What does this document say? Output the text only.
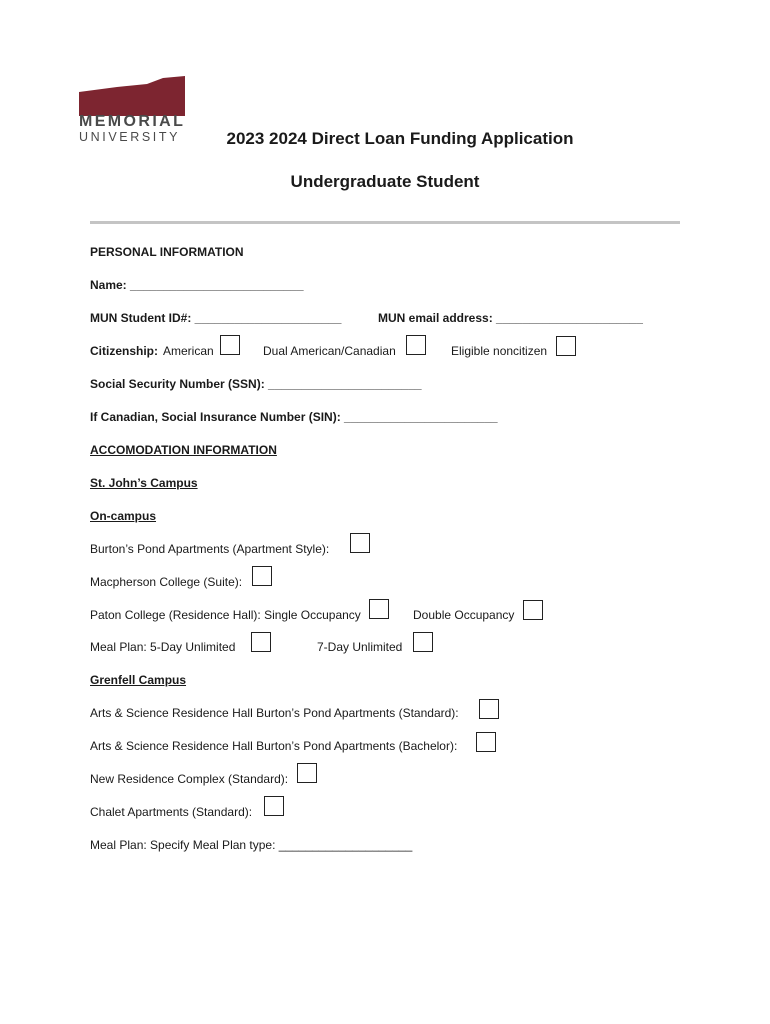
MEMORIAL
UNIVERSITY	2023 2024 Direct Loan Funding Application
Undergraduate Student
PERSONAL INFORMATION
Name: __________________________
MUN Student ID#: ______________________	MUN email address: ______________________
Citizenship: American	Dual American/Canadian	Eligible noncitizen
Social Security Number (SSN): _______________________
If Canadian, Social Insurance Number (SIN): _______________________
ACCOMODATION INFORMATION
St. John’s Campus
On-campus
Burton’s Pond Apartments (Apartment Style):
Macpherson College (Suite):
Paton College (Residence Hall): Single Occupancy	Double Occupancy
Meal Plan: 5-Day Unlimited	7-Day Unlimited
Grenfell Campus
Arts & Science Residence Hall Burton’s Pond Apartments (Standard):
Arts & Science Residence Hall Burton’s Pond Apartments (Bachelor):
New Residence Complex (Standard):
Chalet Apartments (Standard):
Meal Plan: Specify Meal Plan type: ____________________
